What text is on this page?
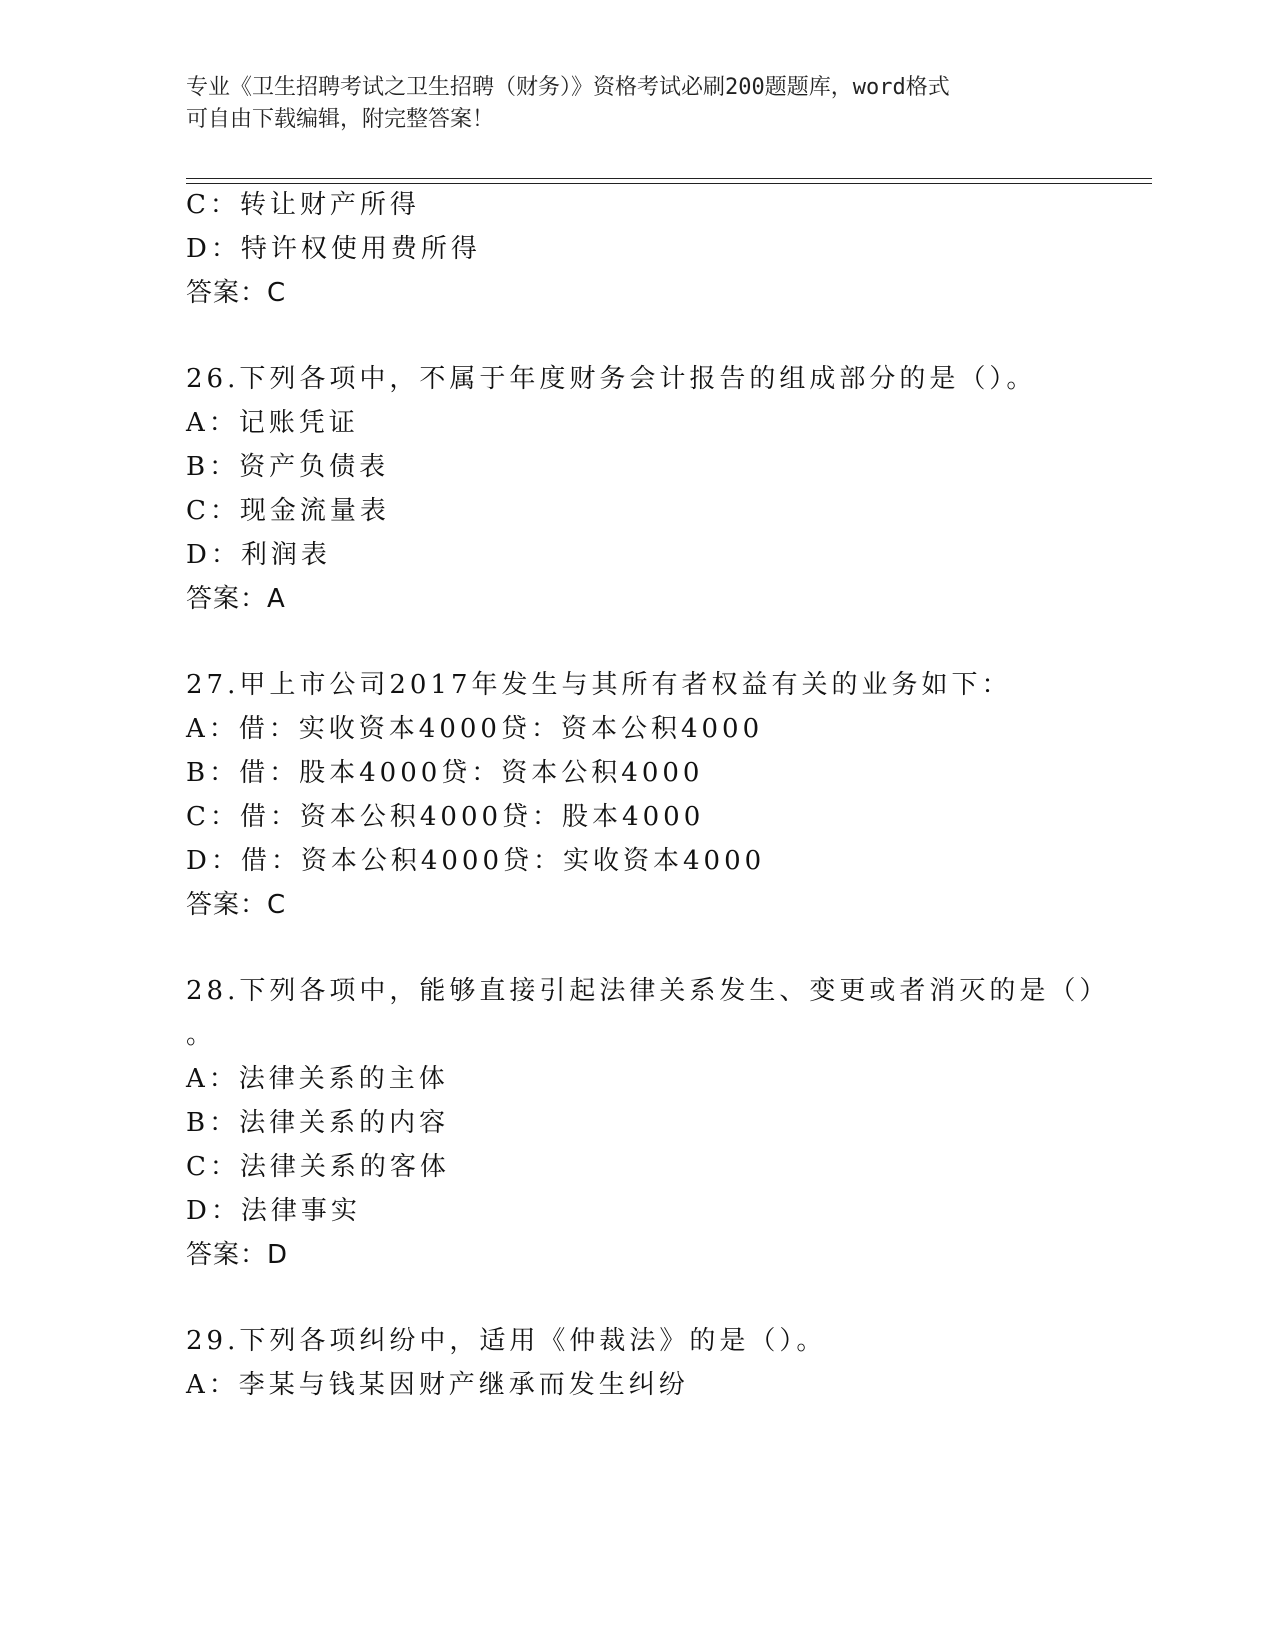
专业《卫生招聘考试之卫生招聘（财务）》资格考试必刷200题题库，word格式
可自由下载编辑，附完整答案！
C：转让财产所得
D：特许权使用费所得
答案：C
26.下列各项中，不属于年度财务会计报告的组成部分的是（）。
A：记账凭证
B：资产负债表
C：现金流量表
D：利润表
答案：A
27.甲上市公司2017年发生与其所有者权益有关的业务如下：
A：借：实收资本4000贷：资本公积4000
B：借：股本4000贷：资本公积4000
C：借：资本公积4000贷：股本4000
D：借：资本公积4000贷：实收资本4000
答案：C
28.下列各项中，能够直接引起法律关系发生、变更或者消灭的是（）
。
A：法律关系的主体
B：法律关系的内容
C：法律关系的客体
D：法律事实
答案：D
29.下列各项纠纷中，适用《仲裁法》的是（）。
A：李某与钱某因财产继承而发生纠纷
